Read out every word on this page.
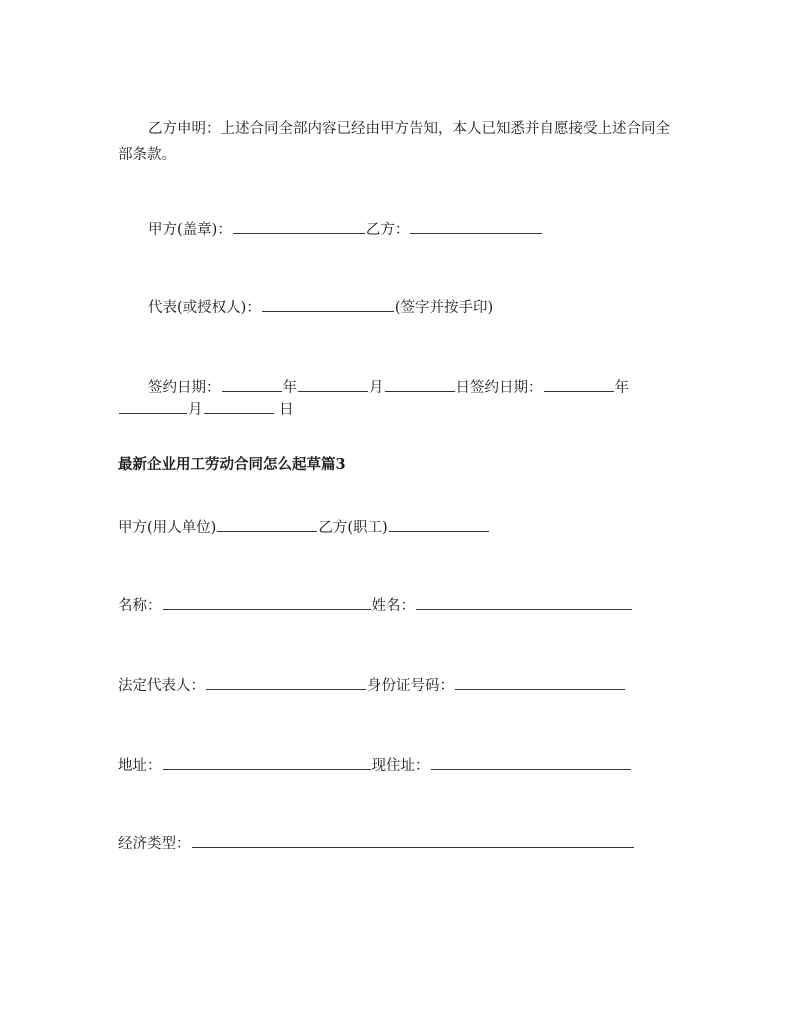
乙方申明：上述合同全部内容已经由甲方告知，本人已知悉并自愿接受上述合同全部条款。
甲方(盖章)：	乙方：
代表(或授权人)：	(签字并按手印)
签约日期：	年	月	日签约日期：	年
月	日
最新企业用工劳动合同怎么起草篇3
甲方(用人单位)	乙方(职工)
名称：	姓名：
法定代表人：	身份证号码：
地址：	现住址：
经济类型：
